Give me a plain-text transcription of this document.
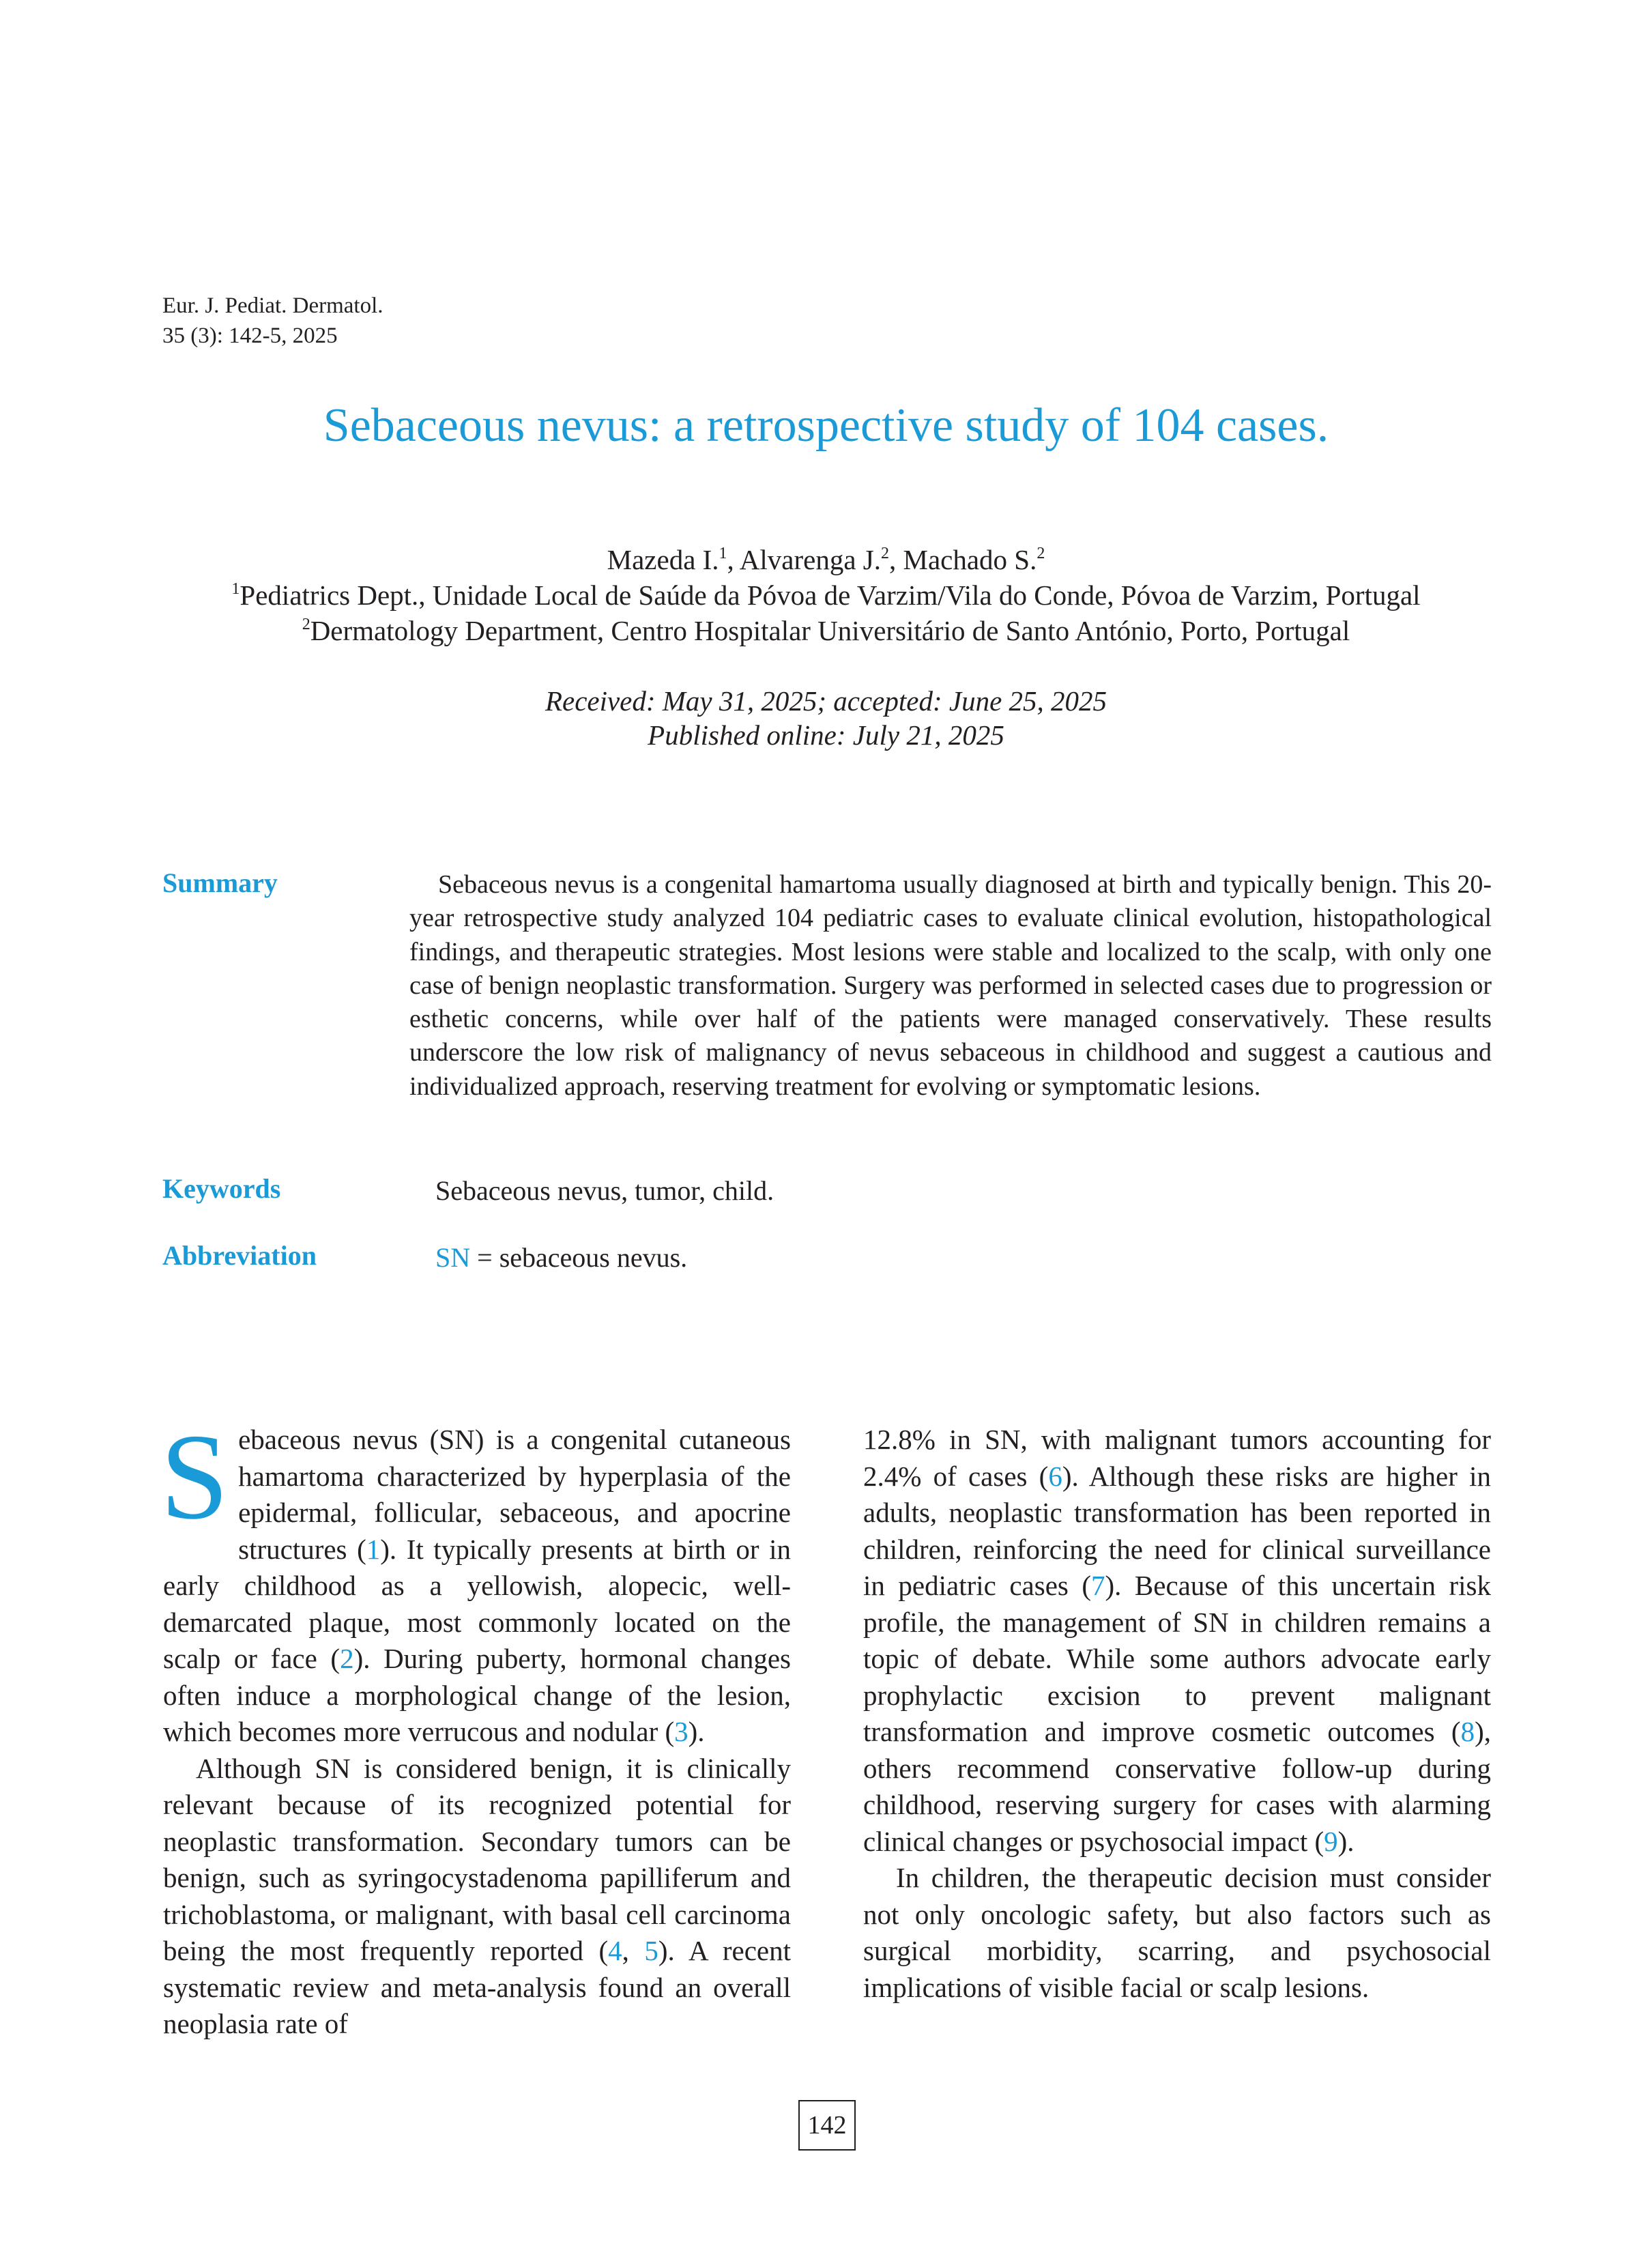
Eur. J. Pediat. Dermatol.
35 (3): 142-5, 2025
Sebaceous nevus: a retrospective study of 104 cases.
Mazeda I.$^1$, Alvarenga J.$^2$, Machado S.$^2$
$^1$Pediatrics Dept., Unidade Local de Saúde da Póvoa de Varzim/Vila do Conde, Póvoa de Varzim, Portugal
$^2$Dermatology Department, Centro Hospitalar Universitário de Santo António, Porto, Portugal
Received: May 31, 2025; accepted: June 25, 2025
Published online: July 21, 2025
Summary	Sebaceous nevus is a congenital hamartoma usually diagnosed at birth and typically benign. This 20-year retrospective study analyzed 104 pediatric cases to evaluate clinical evolution, histopathological findings, and therapeutic strategies. Most lesions were stable and localized to the scalp, with only one case of benign neoplastic transformation. Surgery was performed in selected cases due to progression or esthetic concerns, while over half of the patients were managed conservatively. These results underscore the low risk of malignancy of nevus sebaceous in childhood and suggest a cautious and individualized approach, reserving treatment for evolving or symptomatic lesions.
Keywords	Sebaceous nevus, tumor, child.
Abbreviation	SN = sebaceous nevus.

Sebaceous nevus (SN) is a congenital cutaneous hamartoma characterized by hyperplasia of the epidermal, follicular, sebaceous, and apocrine structures (1). It typically presents at birth or in early childhood as a yellowish, alopecic, well-demarcated plaque, most commonly located on the scalp or face (2). During puberty, hormonal changes often induce a morphological change of the lesion, which becomes more verrucous and nodular (3).

Although SN is considered benign, it is clinically relevant because of its recognized potential for neoplastic transformation. Secondary tumors can be benign, such as syringocystadenoma papilliferum and trichoblastoma, or malignant, with basal cell carcinoma being the most frequently reported (4, 5). A recent systematic review and meta-analysis found an overall neoplasia rate of

12.8% in SN, with malignant tumors accounting for 2.4% of cases (6). Although these risks are higher in adults, neoplastic transformation has been reported in children, reinforcing the need for clinical surveillance in pediatric cases (7). Because of this uncertain risk profile, the management of SN in children remains a topic of debate. While some authors advocate early prophylactic excision to prevent malignant transformation and improve cosmetic outcomes (8), others recommend conservative follow-up during childhood, reserving surgery for cases with alarming clinical changes or psychosocial impact (9).

In children, the therapeutic decision must consider not only oncologic safety, but also factors such as surgical morbidity, scarring, and psychosocial implications of visible facial or scalp lesions.

142
